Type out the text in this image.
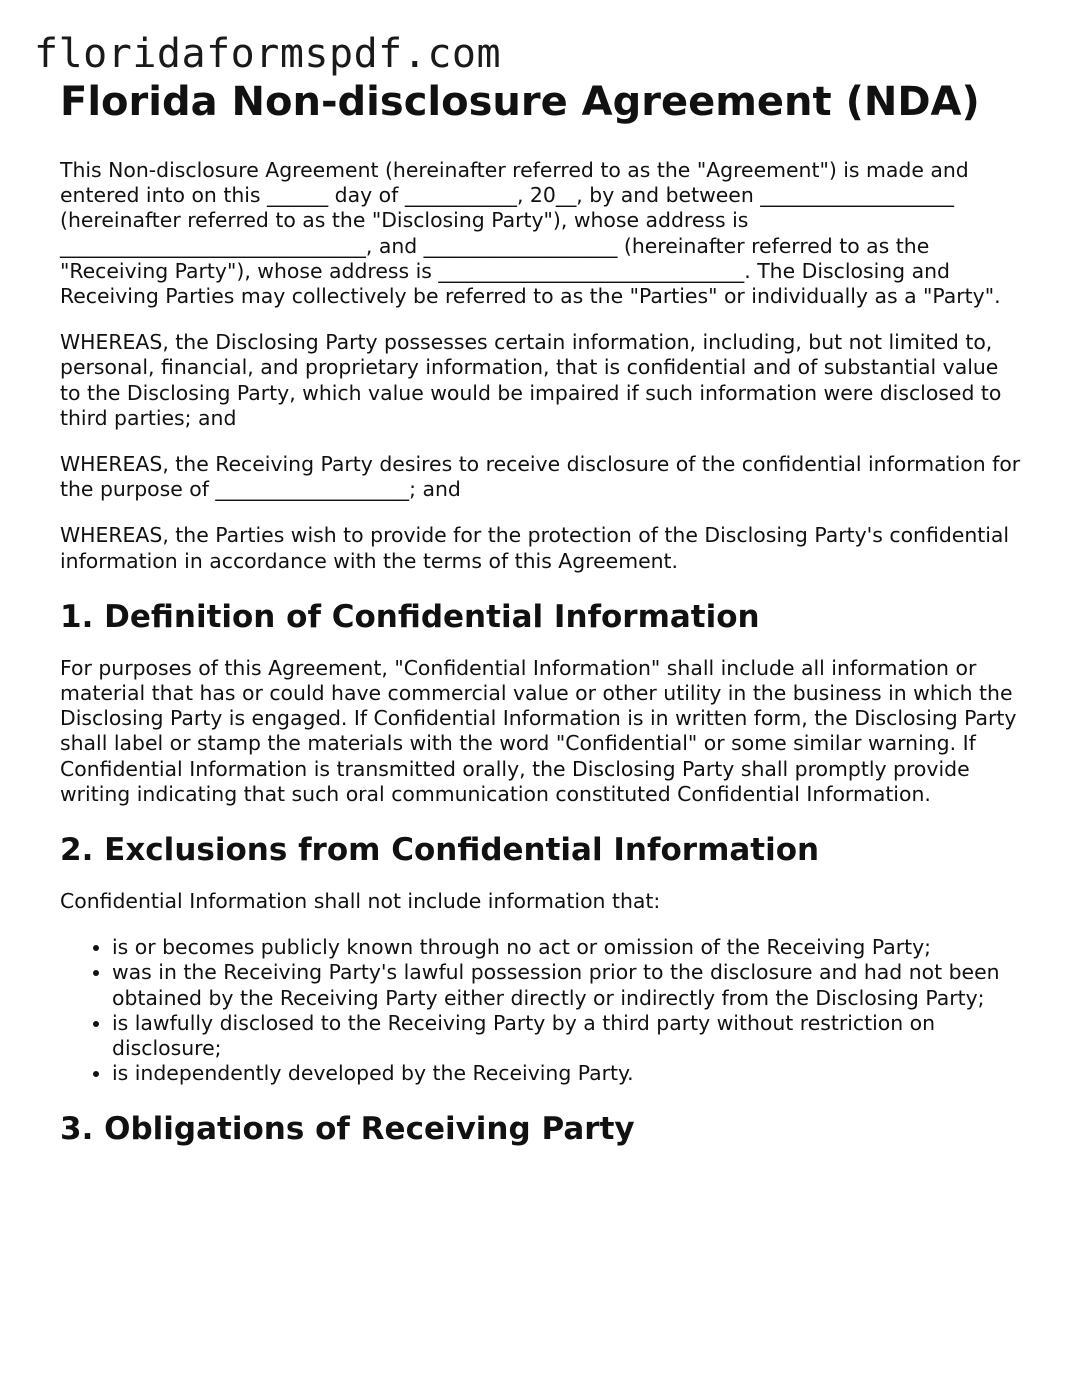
floridaformspdf.com
Florida Non-disclosure Agreement (NDA)

This Non-disclosure Agreement (hereinafter referred to as the "Agreement") is made and entered into on this ______ day of ___________, 20__, by and between ___________________ (hereinafter referred to as the "Disclosing Party"), whose address is ______________________________, and ___________________ (hereinafter referred to as the "Receiving Party"), whose address is ______________________________. The Disclosing and Receiving Parties may collectively be referred to as the "Parties" or individually as a "Party".

WHEREAS, the Disclosing Party possesses certain information, including, but not limited to, personal, financial, and proprietary information, that is confidential and of substantial value to the Disclosing Party, which value would be impaired if such information were disclosed to third parties; and

WHEREAS, the Receiving Party desires to receive disclosure of the confidential information for the purpose of ___________________; and

WHEREAS, the Parties wish to provide for the protection of the Disclosing Party's confidential information in accordance with the terms of this Agreement.

1. Definition of Confidential Information

For purposes of this Agreement, "Confidential Information" shall include all information or material that has or could have commercial value or other utility in the business in which the Disclosing Party is engaged. If Confidential Information is in written form, the Disclosing Party shall label or stamp the materials with the word "Confidential" or some similar warning. If Confidential Information is transmitted orally, the Disclosing Party shall promptly provide writing indicating that such oral communication constituted Confidential Information.

2. Exclusions from Confidential Information

Confidential Information shall not include information that:

• is or becomes publicly known through no act or omission of the Receiving Party;
• was in the Receiving Party's lawful possession prior to the disclosure and had not been obtained by the Receiving Party either directly or indirectly from the Disclosing Party;
• is lawfully disclosed to the Receiving Party by a third party without restriction on disclosure;
• is independently developed by the Receiving Party.
3. Obligations of Receiving Party
